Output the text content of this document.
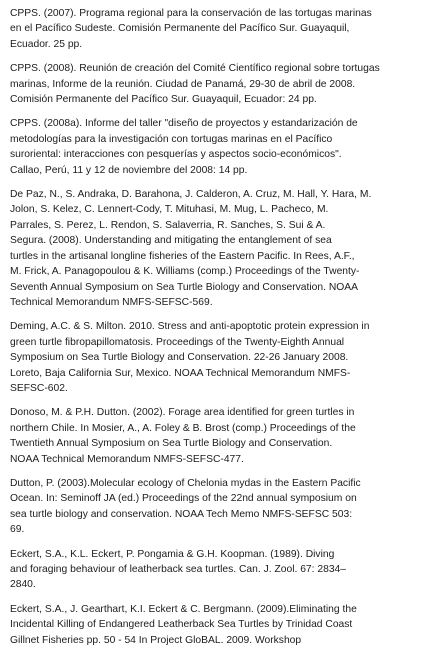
CPPS. (2007). Programa regional para la conservación de las tortugas marinas
en el Pacífico Sudeste. Comisión Permanente del Pacífico Sur. Guayaquil,
Ecuador. 25 pp.
CPPS. (2008). Reunión de creación del Comité Científico regional sobre tortugas
marinas, Informe de la reunión. Ciudad de Panamá, 29-30 de abril de 2008.
Comisión Permanente del Pacífico Sur. Guayaquil, Ecuador: 24 pp.
CPPS. (2008a). Informe del taller "diseño de proyectos y estandarización de
metodologías para la investigación con tortugas marinas en el Pacífico
suroriental: interacciones con pesquerías y aspectos socio-económicos".
Callao, Perú, 11 y 12 de noviembre del 2008: 14 pp.
De Paz, N., S. Andraka, D. Barahona, J. Calderon, A. Cruz, M. Hall, Y. Hara, M.
Jolon, S. Kelez, C. Lennert-Cody, T. Mituhasi, M. Mug, L. Pacheco, M.
Parrales, S. Perez, L. Rendon, S. Salaverria, R. Sanches, S. Sui & A.
Segura. (2008). Understanding and mitigating the entanglement of sea
turtles in the artisanal longline fisheries of the Eastern Pacific. In Rees, A.F.,
M. Frick, A. Panagopoulou & K. Williams (comp.) Proceedings of the Twenty-
Seventh Annual Symposium on Sea Turtle Biology and Conservation. NOAA
Technical Memorandum NMFS-SEFSC-569.
Deming, A.C. & S. Milton. 2010. Stress and anti-apoptotic protein expression in
green turtle fibropapillomatosis. Proceedings of the Twenty-Eighth Annual
Symposium on Sea Turtle Biology and Conservation. 22-26 January 2008.
Loreto, Baja California Sur, Mexico. NOAA Technical Memorandum NMFS-
SEFSC-602.
Donoso, M. & P.H. Dutton. (2002). Forage area identified for green turtles in
northern Chile. In Mosier, A., A. Foley & B. Brost (comp.) Proceedings of the
Twentieth Annual Symposium on Sea Turtle Biology and Conservation.
NOAA Technical Memorandum NMFS-SEFSC-477.
Dutton, P. (2003).Molecular ecology of Chelonia mydas in the Eastern Pacific
Ocean. In: Seminoff JA (ed.) Proceedings of the 22nd annual symposium on
sea turtle biology and conservation. NOAA Tech Memo NMFS-SEFSC 503:
69.
Eckert, S.A., K.L. Eckert, P. Pongamia & G.H. Koopman. (1989). Diving
and foraging behaviour of leatherback sea turtles. Can. J. Zool. 67: 2834–
2840.
Eckert, S.A., J. Gearthart, K.I. Eckert & C. Bergmann. (2009).Eliminating the
Incidental Killing of Endangered Leatherback Sea Turtles by Trinidad Coast
Gillnet Fisheries pp. 50 - 54 In Project GloBAL. 2009. Workshop
